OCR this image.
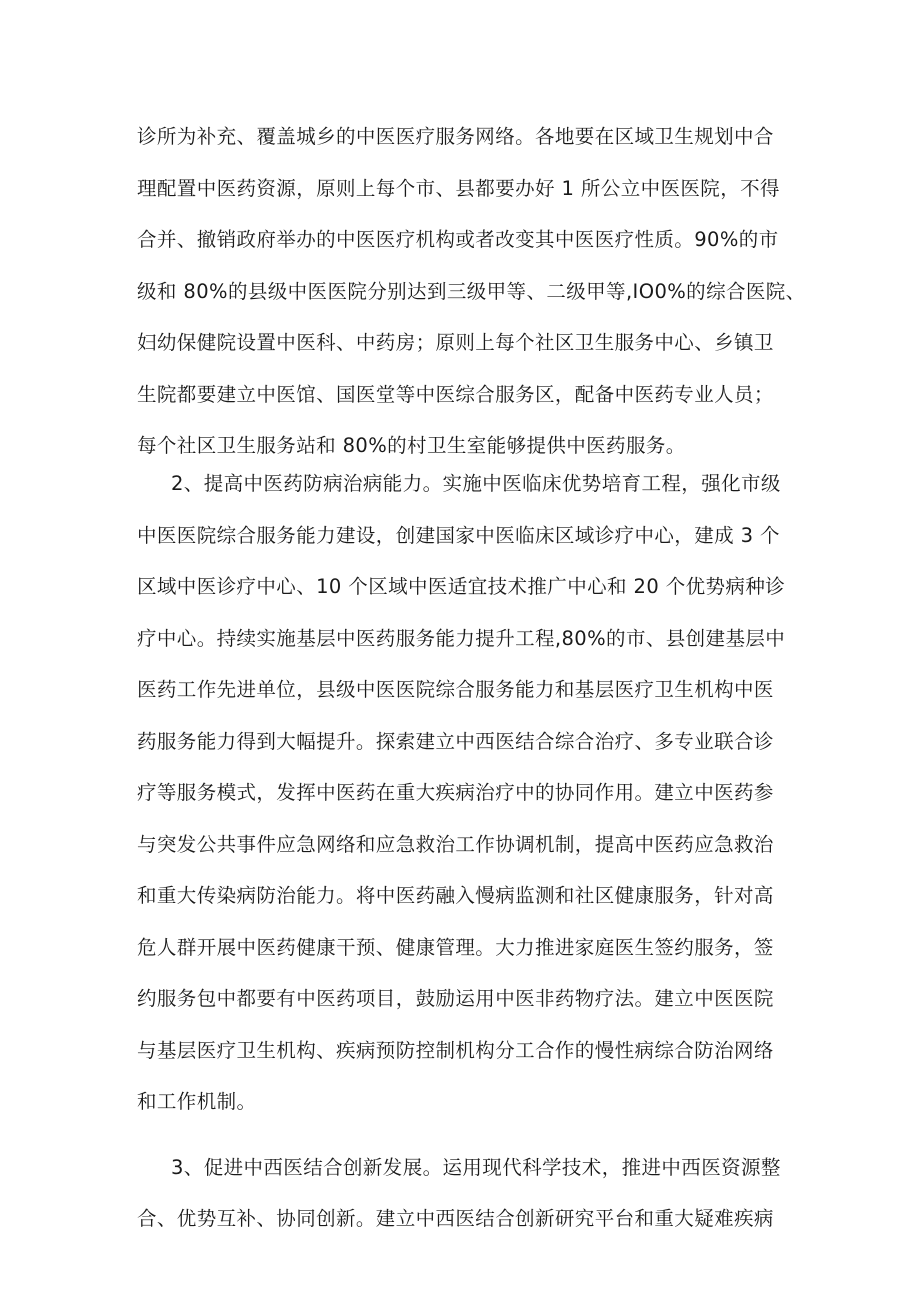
诊所为补充、覆盖城乡的中医医疗服务网络。各地要在区域卫生规划中合
理配置中医药资源，原则上每个市、县都要办好 1 所公立中医医院，不得
合并、撤销政府举办的中医医疗机构或者改变其中医医疗性质。90%的市
级和 80%的县级中医医院分别达到三级甲等、二级甲等,IO0%的综合医院、
妇幼保健院设置中医科、中药房；原则上每个社区卫生服务中心、乡镇卫
生院都要建立中医馆、国医堂等中医综合服务区，配备中医药专业人员；
每个社区卫生服务站和 80%的村卫生室能够提供中医药服务。
2、提高中医药防病治病能力。实施中医临床优势培育工程，强化市级
中医医院综合服务能力建设，创建国家中医临床区域诊疗中心，建成 3 个
区域中医诊疗中心、10 个区域中医适宜技术推广中心和 20 个优势病种诊
疗中心。持续实施基层中医药服务能力提升工程,80%的市、县创建基层中
医药工作先进单位，县级中医医院综合服务能力和基层医疗卫生机构中医
药服务能力得到大幅提升。探索建立中西医结合综合治疗、多专业联合诊
疗等服务模式，发挥中医药在重大疾病治疗中的协同作用。建立中医药参
与突发公共事件应急网络和应急救治工作协调机制，提高中医药应急救治
和重大传染病防治能力。将中医药融入慢病监测和社区健康服务，针对高
危人群开展中医药健康干预、健康管理。大力推进家庭医生签约服务，签
约服务包中都要有中医药项目，鼓励运用中医非药物疗法。建立中医医院
与基层医疗卫生机构、疾病预防控制机构分工合作的慢性病综合防治网络
和工作机制。
3、促进中西医结合创新发展。运用现代科学技术，推进中西医资源整
合、优势互补、协同创新。建立中西医结合创新研究平台和重大疑难疾病
